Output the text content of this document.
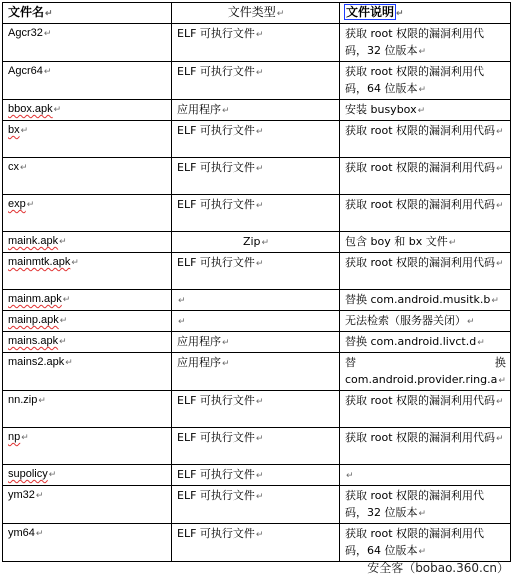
文件名↵	文件类型↵	文件说明 ↵
Agcr32↵	ELF 可执行文件↵	获取 root 权限的漏洞利用代码，32 位版本↵
Agcr64↵	ELF 可执行文件↵	获取 root 权限的漏洞利用代码，64 位版本↵
bbox.apk↵	应用程序↵	安装 busybox↵
bx↵	ELF 可执行文件↵	获取 root 权限的漏洞利用代码↵
cx↵	ELF 可执行文件↵	获取 root 权限的漏洞利用代码↵
exp↵	ELF 可执行文件↵	获取 root 权限的漏洞利用代码↵
maink.apk↵	Zip↵	包含 boy 和 bx 文件↵
mainmtk.apk↵	ELF 可执行文件↵	获取 root 权限的漏洞利用代码↵
mainm.apk↵	↵	替换 com.android.musitk.b↵
mainp.apk↵	↵	无法检索（服务器关闭）↵
mains.apk↵	应用程序↵	替换 com.android.livct.d↵
mains2.apk↵	应用程序↵	替 换
com.android.provider.ring.a↵

nn.zip↵	ELF 可执行文件↵	获取 root 权限的漏洞利用代码↵
np↵	ELF 可执行文件↵	获取 root 权限的漏洞利用代码↵
supolicy↵	ELF 可执行文件↵	↵
ym32↵	ELF 可执行文件↵	获取 root 权限的漏洞利用代码，32 位版本↵
ym64↵	ELF 可执行文件↵	获取 root 权限的漏洞利用代码，64 位版本↵
安全客（bobao.360.cn）
